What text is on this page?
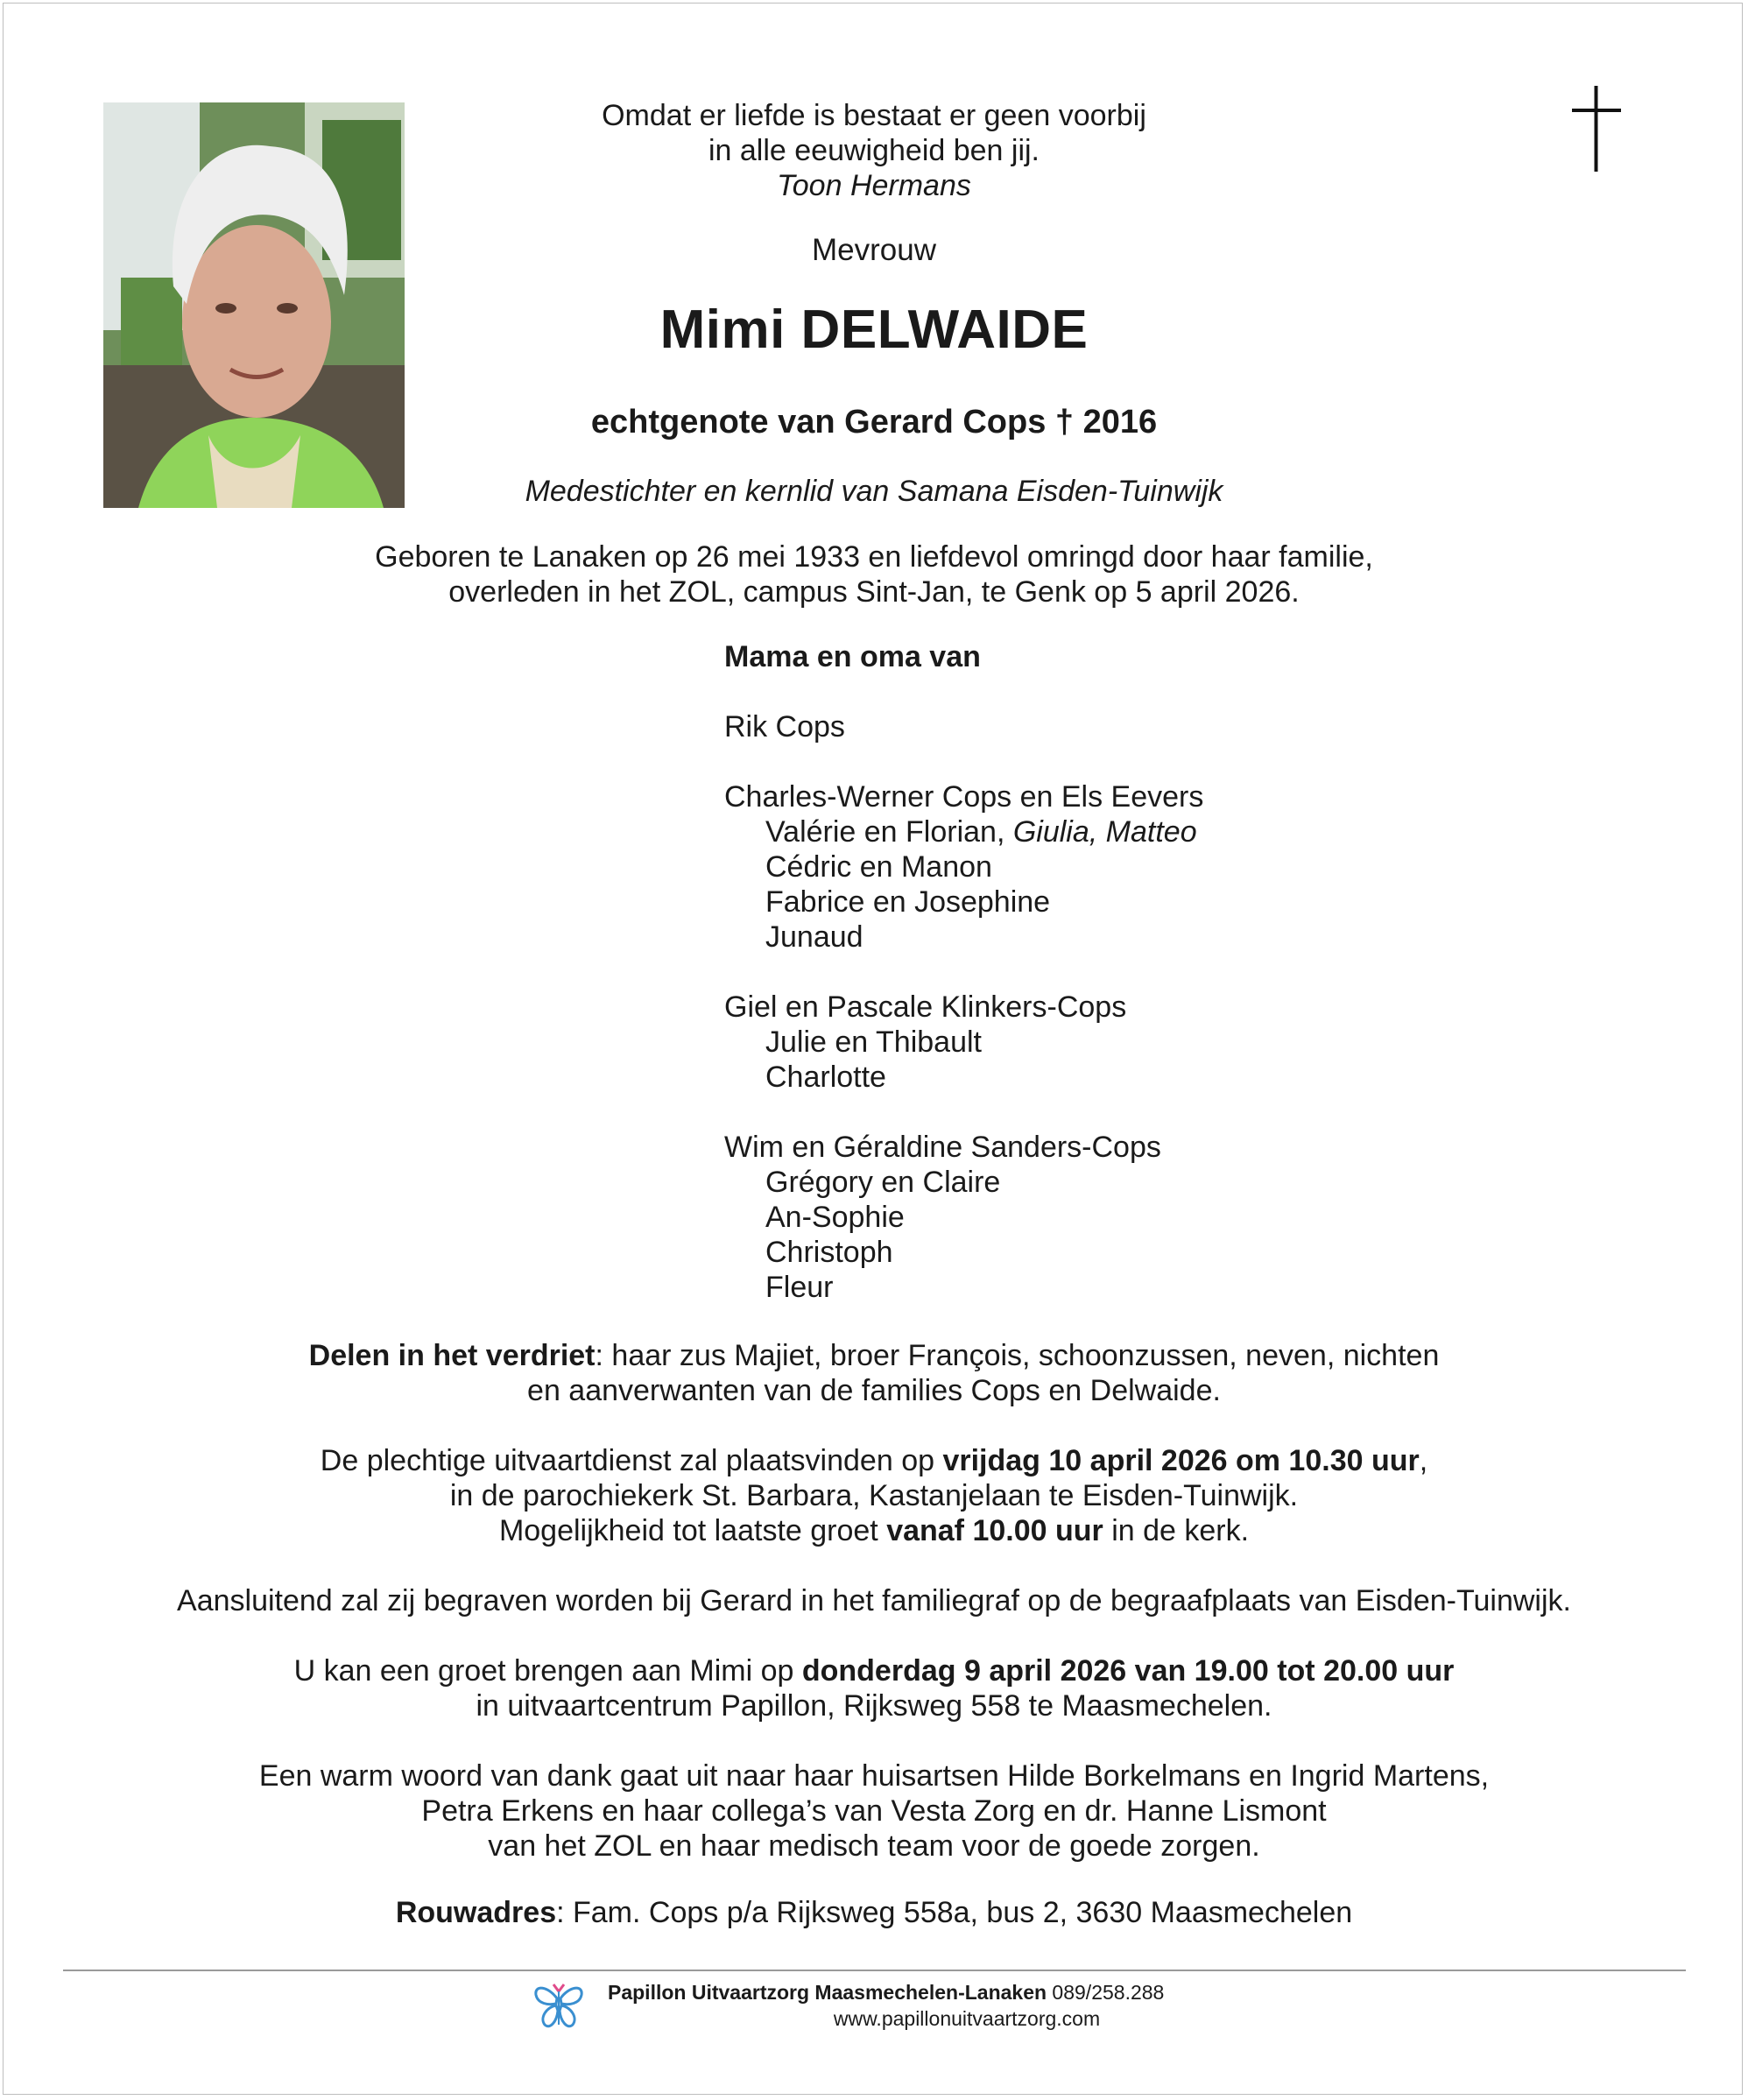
Omdat er liefde is bestaat er geen voorbij
in alle eeuwigheid ben jij.
Toon Hermans
Mevrouw
Mimi DELWAIDE
echtgenote van Gerard Cops † 2016
Medestichter en kernlid van Samana Eisden-Tuinwijk
Geboren te Lanaken op 26 mei 1933 en liefdevol omringd door haar familie,
overleden in het ZOL, campus Sint-Jan, te Genk op 5 april 2026.
Mama en oma van
Rik Cops
Charles-Werner Cops en Els Eevers
Valérie en Florian, Giulia, Matteo
Cédric en Manon
Fabrice en Josephine
Junaud
Giel en Pascale Klinkers-Cops
Julie en Thibault
Charlotte
Wim en Géraldine Sanders-Cops
Grégory en Claire
An-Sophie
Christoph
Fleur
Delen in het verdriet: haar zus Majiet, broer François, schoonzussen, neven, nichten
en aanverwanten van de families Cops en Delwaide.
De plechtige uitvaartdienst zal plaatsvinden op vrijdag 10 april 2026 om 10.30 uur,
in de parochiekerk St. Barbara, Kastanjelaan te Eisden-Tuinwijk.
Mogelijkheid tot laatste groet vanaf 10.00 uur in de kerk.
Aansluitend zal zij begraven worden bij Gerard in het familiegraf op de begraafplaats van Eisden-Tuinwijk.
U kan een groet brengen aan Mimi op donderdag 9 april 2026 van 19.00 tot 20.00 uur
in uitvaartcentrum Papillon, Rijksweg 558 te Maasmechelen.
Een warm woord van dank gaat uit naar haar huisartsen Hilde Borkelmans en Ingrid Martens,
Petra Erkens en haar collega’s van Vesta Zorg en dr. Hanne Lismont
van het ZOL en haar medisch team voor de goede zorgen.
Rouwadres: Fam. Cops p/a Rijksweg 558a, bus 2, 3630 Maasmechelen
Papillon Uitvaartzorg Maasmechelen-Lanaken 089/258.288
www.papillonuitvaartzorg.com
